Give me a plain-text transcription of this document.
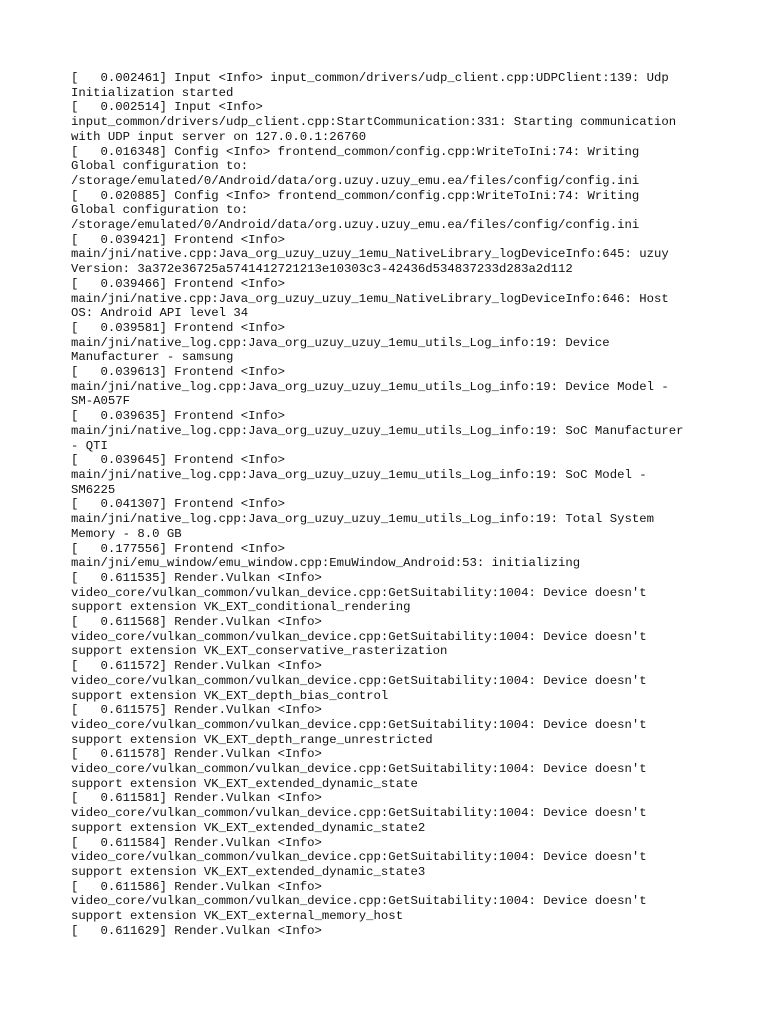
[   0.002461] Input <Info> input_common/drivers/udp_client.cpp:UDPClient:139: Udp
Initialization started
[   0.002514] Input <Info>
input_common/drivers/udp_client.cpp:StartCommunication:331: Starting communication
with UDP input server on 127.0.0.1:26760
[   0.016348] Config <Info> frontend_common/config.cpp:WriteToIni:74: Writing
Global configuration to:
/storage/emulated/0/Android/data/org.uzuy.uzuy_emu.ea/files/config/config.ini
[   0.020885] Config <Info> frontend_common/config.cpp:WriteToIni:74: Writing
Global configuration to:
/storage/emulated/0/Android/data/org.uzuy.uzuy_emu.ea/files/config/config.ini
[   0.039421] Frontend <Info>
main/jni/native.cpp:Java_org_uzuy_uzuy_1emu_NativeLibrary_logDeviceInfo:645: uzuy
Version: 3a372e36725a5741412721213e10303c3-42436d534837233d283a2d112
[   0.039466] Frontend <Info>
main/jni/native.cpp:Java_org_uzuy_uzuy_1emu_NativeLibrary_logDeviceInfo:646: Host
OS: Android API level 34
[   0.039581] Frontend <Info>
main/jni/native_log.cpp:Java_org_uzuy_uzuy_1emu_utils_Log_info:19: Device
Manufacturer - samsung
[   0.039613] Frontend <Info>
main/jni/native_log.cpp:Java_org_uzuy_uzuy_1emu_utils_Log_info:19: Device Model -
SM-A057F
[   0.039635] Frontend <Info>
main/jni/native_log.cpp:Java_org_uzuy_uzuy_1emu_utils_Log_info:19: SoC Manufacturer
- QTI
[   0.039645] Frontend <Info>
main/jni/native_log.cpp:Java_org_uzuy_uzuy_1emu_utils_Log_info:19: SoC Model -
SM6225
[   0.041307] Frontend <Info>
main/jni/native_log.cpp:Java_org_uzuy_uzuy_1emu_utils_Log_info:19: Total System
Memory - 8.0 GB
[   0.177556] Frontend <Info>
main/jni/emu_window/emu_window.cpp:EmuWindow_Android:53: initializing
[   0.611535] Render.Vulkan <Info>
video_core/vulkan_common/vulkan_device.cpp:GetSuitability:1004: Device doesn't
support extension VK_EXT_conditional_rendering
[   0.611568] Render.Vulkan <Info>
video_core/vulkan_common/vulkan_device.cpp:GetSuitability:1004: Device doesn't
support extension VK_EXT_conservative_rasterization
[   0.611572] Render.Vulkan <Info>
video_core/vulkan_common/vulkan_device.cpp:GetSuitability:1004: Device doesn't
support extension VK_EXT_depth_bias_control
[   0.611575] Render.Vulkan <Info>
video_core/vulkan_common/vulkan_device.cpp:GetSuitability:1004: Device doesn't
support extension VK_EXT_depth_range_unrestricted
[   0.611578] Render.Vulkan <Info>
video_core/vulkan_common/vulkan_device.cpp:GetSuitability:1004: Device doesn't
support extension VK_EXT_extended_dynamic_state
[   0.611581] Render.Vulkan <Info>
video_core/vulkan_common/vulkan_device.cpp:GetSuitability:1004: Device doesn't
support extension VK_EXT_extended_dynamic_state2
[   0.611584] Render.Vulkan <Info>
video_core/vulkan_common/vulkan_device.cpp:GetSuitability:1004: Device doesn't
support extension VK_EXT_extended_dynamic_state3
[   0.611586] Render.Vulkan <Info>
video_core/vulkan_common/vulkan_device.cpp:GetSuitability:1004: Device doesn't
support extension VK_EXT_external_memory_host
[   0.611629] Render.Vulkan <Info>
